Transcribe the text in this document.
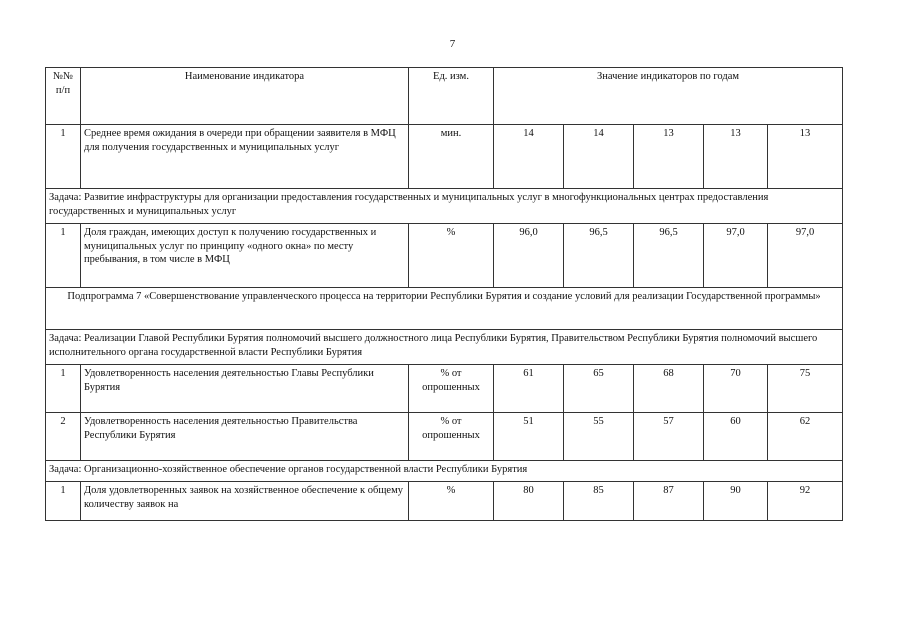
7
№№
п/п	Наименование индикатора	Ед. изм.	Значение индикаторов по годам				
1	Среднее время ожидания в очереди при обращении заявителя в МФЦ для получения государственных и муниципальных услуг	мин.	14	14	13	13	13
Задача: Развитие инфраструктуры для организации предоставления государственных и муниципальных услуг в многофункциональных центрах предоставления государственных и муниципальных услуг							
1	Доля граждан, имеющих доступ к получению государственных и муниципальных услуг по принципу «одного окна» по месту пребывания, в том числе в МФЦ	%	96,0	96,5	96,5	97,0	97,0
Подпрограмма 7 «Совершенствование управленческого процесса на территории Республики Бурятия и создание условий для реализации Государственной программы»							
Задача: Реализации Главой Республики Бурятия полномочий высшего должностного лица Республики Бурятия, Правительством Республики Бурятия полномочий высшего исполнительного органа государственной власти Республики Бурятия							
1	Удовлетворенность населения деятельностью Главы Республики Бурятия	% от опрошенных	61	65	68	70	75
2	Удовлетворенность населения деятельностью Правительства Республики Бурятия	% от опрошенных	51	55	57	60	62
Задача: Организационно-хозяйственное обеспечение органов государственной власти Республики Бурятия							
1	Доля удовлетворенных заявок на хозяйственное обеспечение к общему количеству заявок на	%	80	85	87	90	92
